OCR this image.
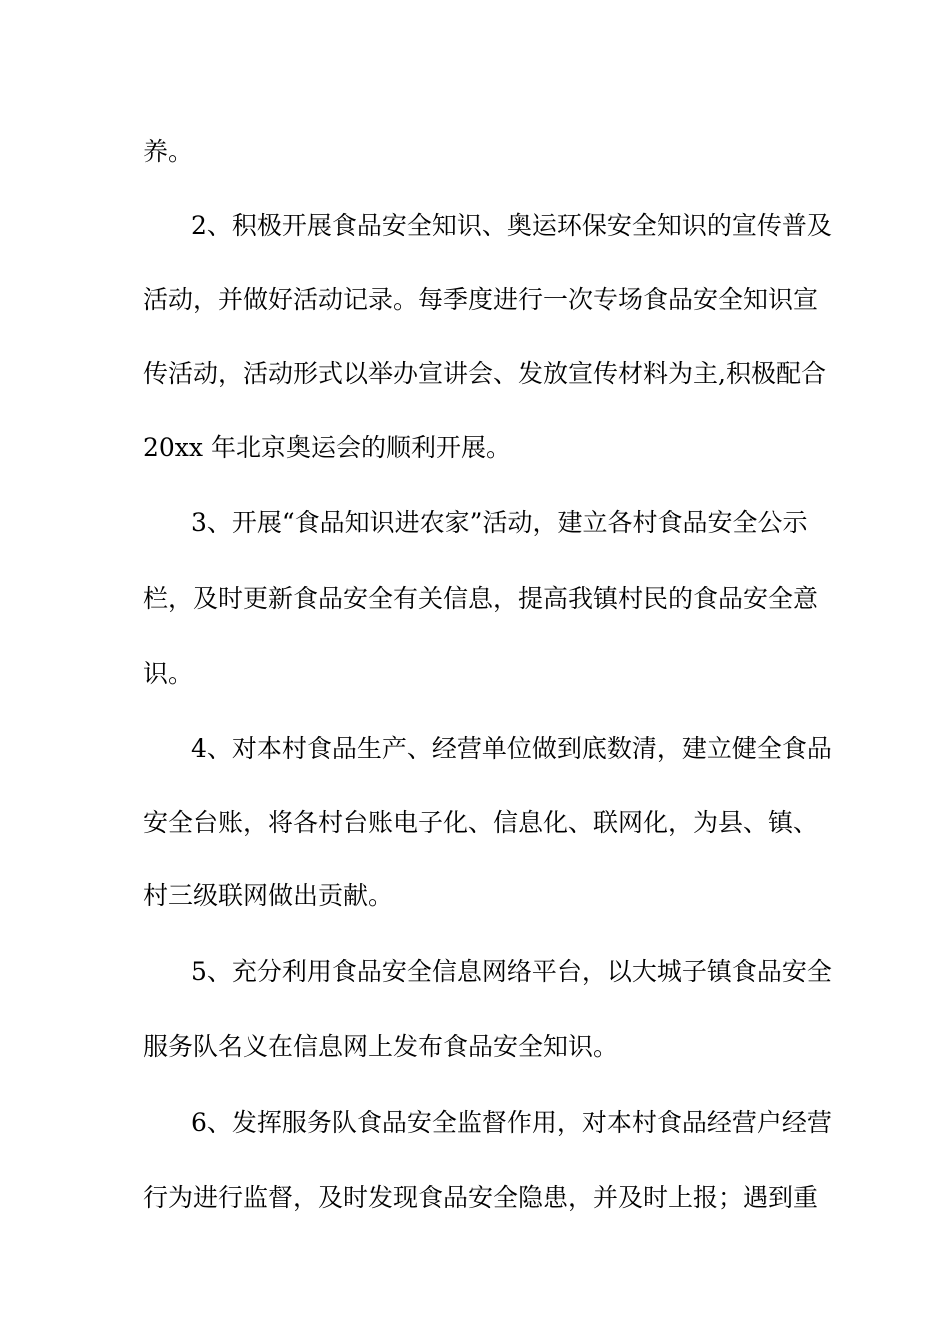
养。
2、积极开展食品安全知识、奥运环保安全知识的宣传普及
活动，并做好活动记录。每季度进行一次专场食品安全知识宣
传活动，活动形式以举办宣讲会、发放宣传材料为主,积极配合
20xx 年北京奥运会的顺利开展。
3、开展“食品知识进农家”活动，建立各村食品安全公示
栏，及时更新食品安全有关信息，提高我镇村民的食品安全意
识。
4、对本村食品生产、经营单位做到底数清，建立健全食品
安全台账，将各村台账电子化、信息化、联网化，为县、镇、
村三级联网做出贡献。
5、充分利用食品安全信息网络平台，以大城子镇食品安全
服务队名义在信息网上发布食品安全知识。
6、发挥服务队食品安全监督作用，对本村食品经营户经营
行为进行监督，及时发现食品安全隐患，并及时上报；遇到重
